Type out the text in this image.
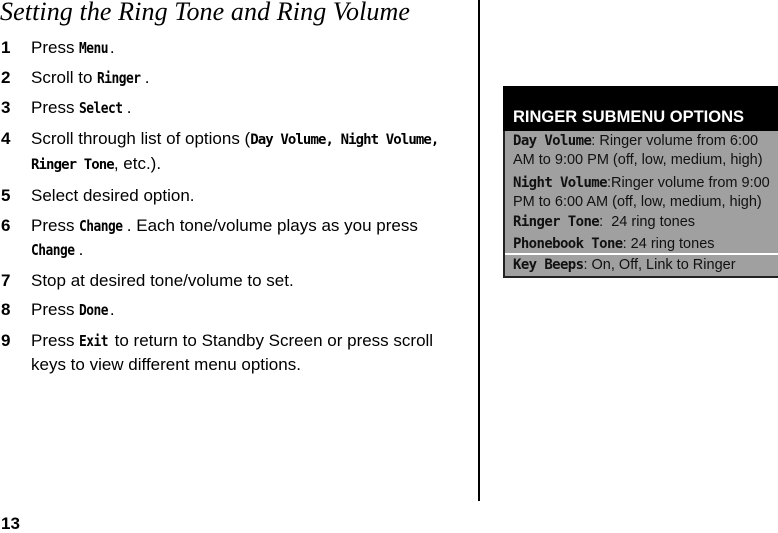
Setting the Ring Tone and Ring Volume
1 Press Menu .
2 Scroll to Ringer .
3 Press Select .
4 Scroll through list of options (Day Volume, Night Volume, Ringer Tone, etc.).
5 Select desired option.
6 Press Change . Each tone/volume plays as you press Change .
7 Stop at desired tone/volume to set.
8 Press Done .
9 Press Exit to return to Standby Screen or press scroll keys to view different menu options.
RINGER SUBMENU OPTIONS
Day Volume: Ringer volume from 6:00 AM to 9:00 PM (off, low, medium, high)
Night Volume:Ringer volume from 9:00 PM to 6:00 AM (off, low, medium, high)
Ringer Tone:  24 ring tones
Phonebook Tone: 24 ring tones
Key Beeps: On, Off, Link to Ringer
13
